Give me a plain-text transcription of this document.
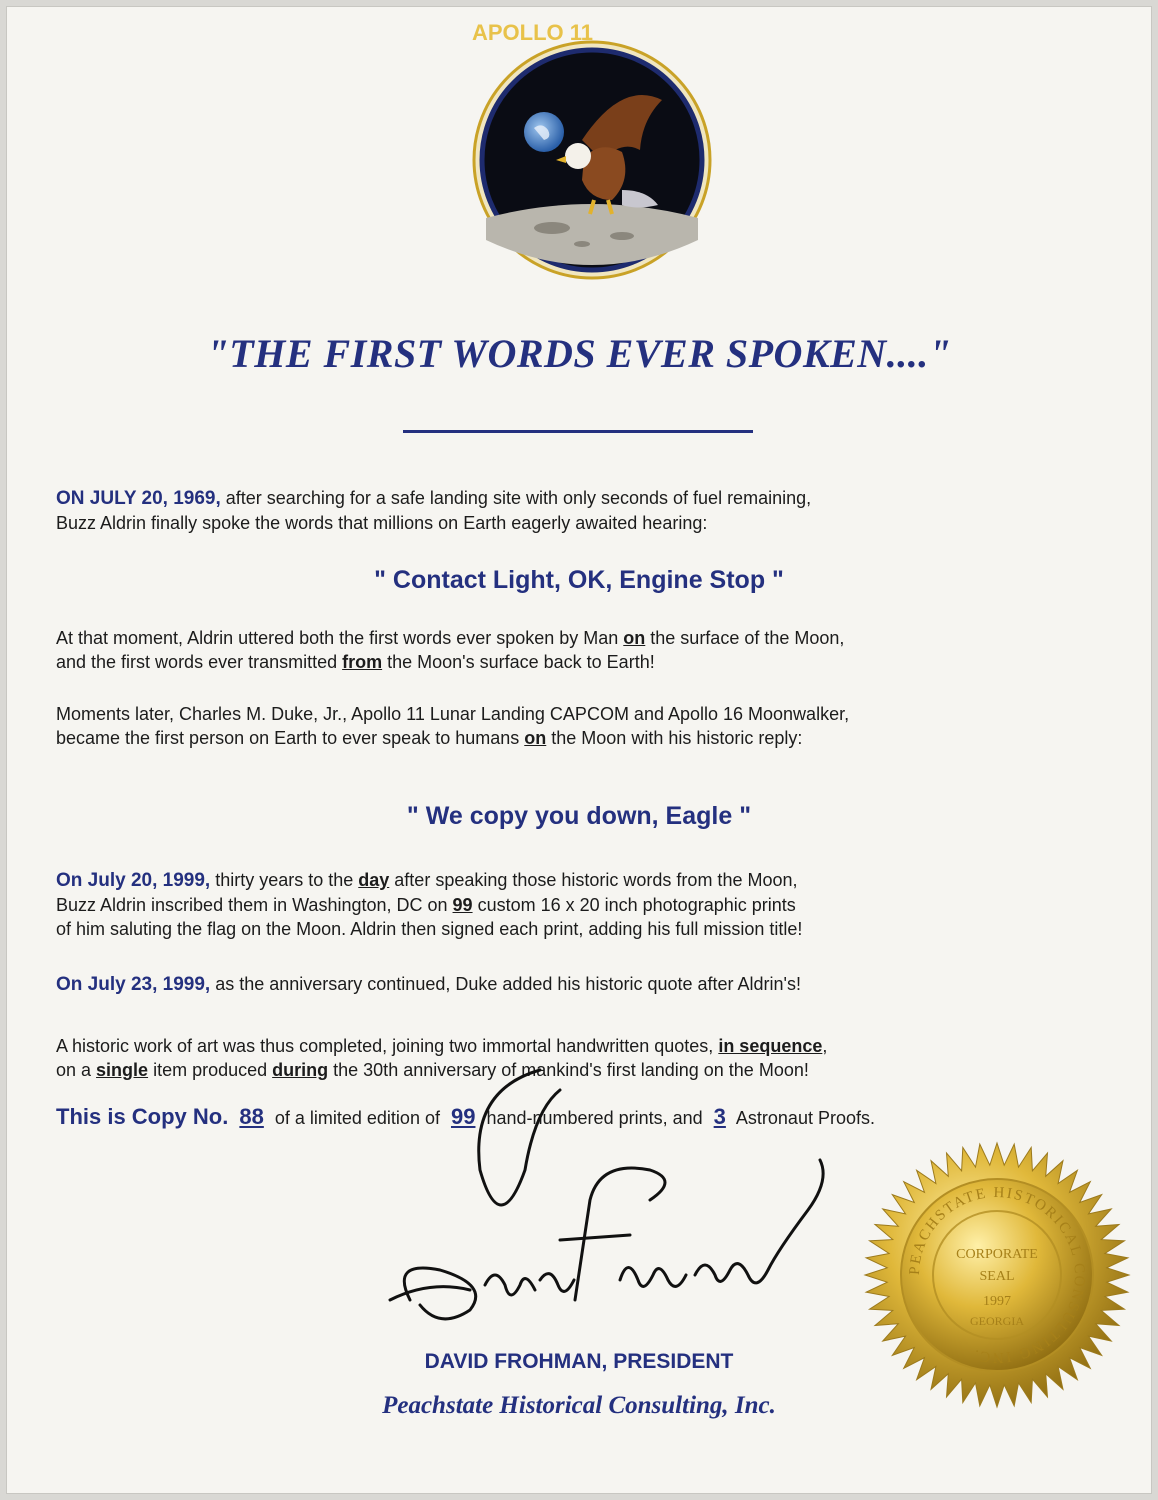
APOLLO 11
"THE FIRST WORDS EVER SPOKEN...."

ON JULY 20, 1969, after searching for a safe landing site with only seconds of fuel remaining,
Buzz Aldrin finally spoke the words that millions on Earth eagerly awaited hearing:

" Contact Light, OK, Engine Stop "

At that moment, Aldrin uttered both the first words ever spoken by Man on the surface of the Moon,
and the first words ever transmitted from the Moon's surface back to Earth!

Moments later, Charles M. Duke, Jr., Apollo 11 Lunar Landing CAPCOM and Apollo 16 Moonwalker,
became the first person on Earth to ever speak to humans on the Moon with his historic reply:

" We copy you down, Eagle "

On July 20, 1999, thirty years to the day after speaking those historic words from the Moon,
Buzz Aldrin inscribed them in Washington, DC on 99 custom 16 x 20 inch photographic prints
of him saluting the flag on the Moon. Aldrin then signed each print, adding his full mission title!

On July 23, 1999, as the anniversary continued, Duke added his historic quote after Aldrin's!

A historic work of art was thus completed, joining two immortal handwritten quotes, in sequence,
on a single item produced during the 30th anniversary of mankind's first landing on the Moon!

This is Copy No. 88 of a limited edition of 99 hand-numbered prints, and 3 Astronaut Proofs.

DAVID FROHMAN, PRESIDENT

Peachstate Historical Consulting, Inc.

PEACHSTATE HISTORICAL CONSULTING INC.
CORPORATE
SEAL
1997
GEORGIA
